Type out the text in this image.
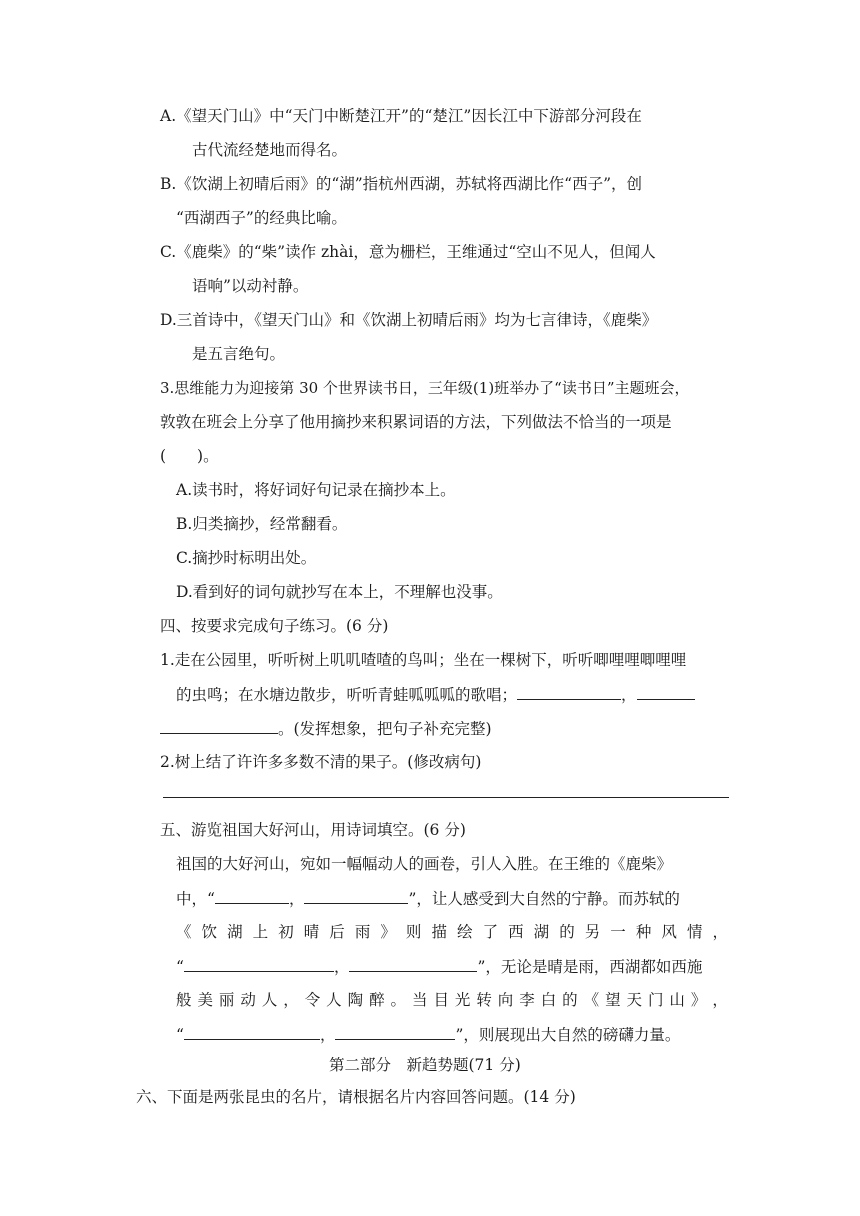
A.《望天门山》中“天门中断楚江开”的“楚江”因长江中下游部分河段在
古代流经楚地而得名。
B.《饮湖上初晴后雨》的“湖”指杭州西湖，苏轼将西湖比作“西子”，创
“西湖西子”的经典比喻。
C.《鹿柴》的“柴”读作 zhài，意为栅栏，王维通过“空山不见人，但闻人
语响”以动衬静。
D.三首诗中，《望天门山》和《饮湖上初晴后雨》均为七言律诗，《鹿柴》
是五言绝句。
3.思维能力为迎接第 30 个世界读书日，三年级(1)班举办了“读书日”主题班会，
敦敦在班会上分享了他用摘抄来积累词语的方法，下列做法不恰当的一项是
(　　)。
A.读书时，将好词好句记录在摘抄本上。
B.归类摘抄，经常翻看。
C.摘抄时标明出处。
D.看到好的词句就抄写在本上，不理解也没事。
四、按要求完成句子练习。(6 分)
1.走在公园里，听听树上叽叽喳喳的鸟叫；坐在一棵树下，听听唧哩哩唧哩哩
的虫鸣；在水塘边散步，听听青蛙呱呱呱的歌唱；	，
。(发挥想象，把句子补充完整)
2.树上结了许许多多数不清的果子。(修改病句)
五、游览祖国大好河山，用诗词填空。(6 分)
祖国的大好河山，宛如一幅幅动人的画卷，引人入胜。在王维的《鹿柴》
中，“	，	”，让人感受到大自然的宁静。而苏轼的
《 饮 湖 上 初 晴 后 雨 》 则 描 绘 了 西 湖 的 另 一 种 风 情 ，
“	，	”，无论是晴是雨，西湖都如西施
般 美 丽 动 人 ， 令 人 陶 醉 。 当 目 光 转 向 李 白 的 《 望 天 门 山 》 ，
“	，	”，则展现出大自然的磅礴力量。
第二部分　新趋势题(71 分)
六、下面是两张昆虫的名片，请根据名片内容回答问题。(14 分)
